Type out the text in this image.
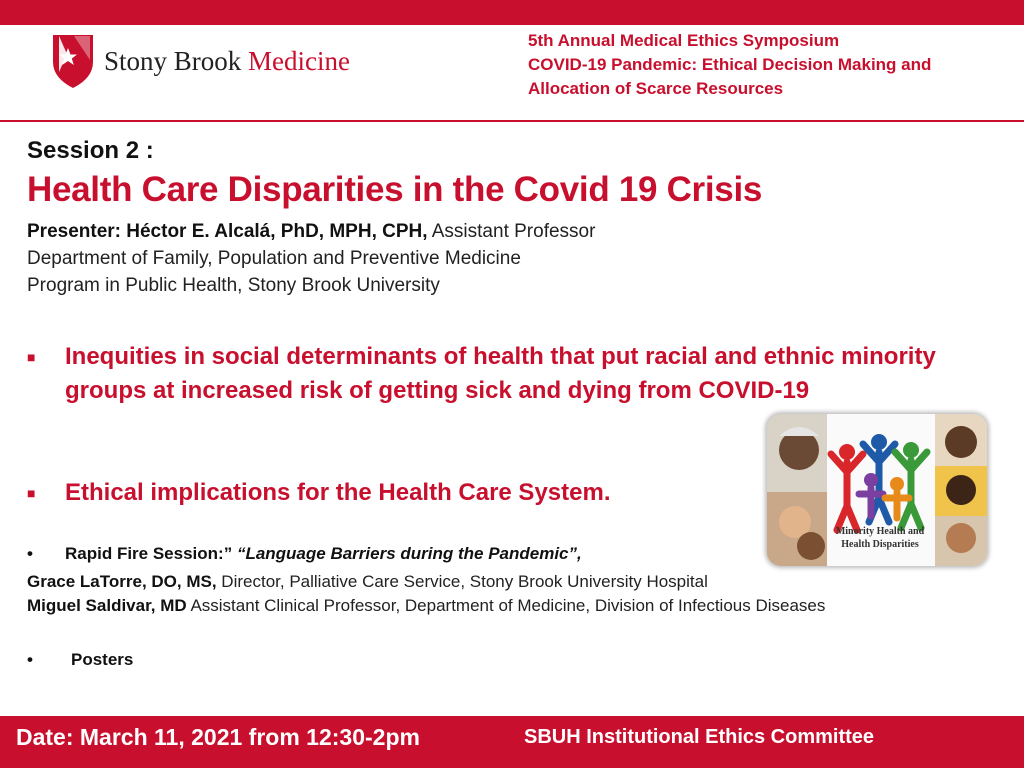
Stony Brook Medicine
5th Annual Medical Ethics Symposium
COVID-19 Pandemic: Ethical Decision Making and
Allocation of Scarce Resources
Session 2 :
Health Care Disparities in the Covid 19 Crisis
Presenter: Héctor E. Alcalá, PhD, MPH, CPH, Assistant Professor
Department of Family, Population and Preventive Medicine
Program in Public Health, Stony Brook University
■ Inequities in social determinants of health that put racial and ethnic minority groups at increased risk of getting sick and dying from COVID-19
■ Ethical implications for the Health Care System.
Minority Health and
Health Disparities
• Rapid Fire Session:” “Language Barriers during the Pandemic”,
Grace LaTorre, DO, MS, Director, Palliative Care Service, Stony Brook University Hospital
Miguel Saldivar, MD Assistant Clinical Professor, Department of Medicine, Division of Infectious Diseases
• Posters
Date: March 11, 2021 from 12:30-2pm	SBUH Institutional Ethics Committee
